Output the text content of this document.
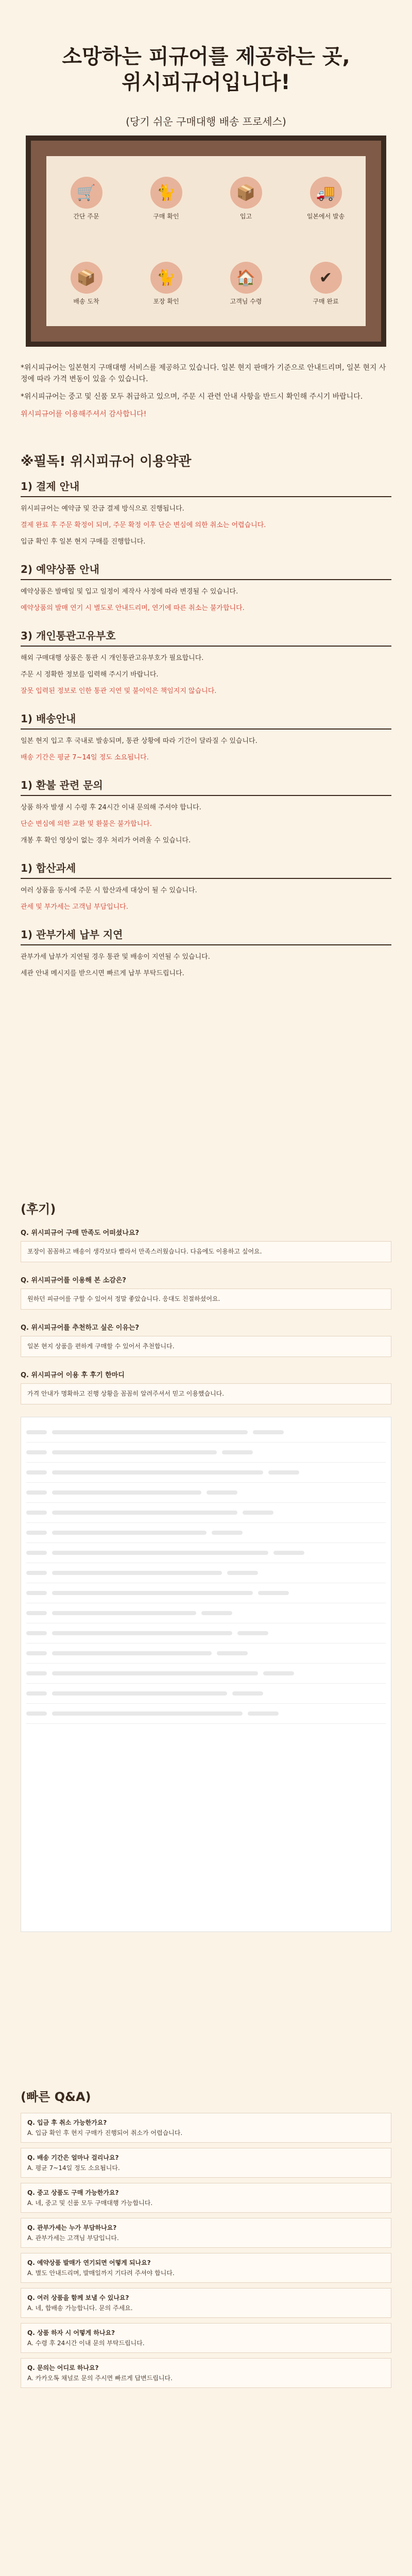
소망하는 피규어를 제공하는 곳,
위시피규어입니다!
(당기 쉬운 구매대행 배송 프로세스)
🛒
간단 주문
🐈
구매 확인
📦
입고
🚚
일본에서 발송
📦
배송 도착
🐈
포장 확인
🏠
고객님 수령
✔
구매 완료

*위시피규어는 일본현지 구매대행 서비스를 제공하고 있습니다. 일본 현지 판매가 기준으로 안내드리며, 일본 현지 사정에 따라 가격 변동이 있을 수 있습니다.

*위시피규어는 중고 및 신품 모두 취급하고 있으며, 주문 시 관련 안내 사항을 반드시 확인해 주시기 바랍니다.

위시피규어를 이용해주셔서 감사합니다!

※필독! 위시피규어 이용약관
1) 결제 안내

위시피규어는 예약금 및 잔금 결제 방식으로 진행됩니다.

결제 완료 후 주문 확정이 되며, 주문 확정 이후 단순 변심에 의한 취소는 어렵습니다.

입금 확인 후 일본 현지 구매를 진행합니다.

2) 예약상품 안내

예약상품은 발매일 및 입고 일정이 제작사 사정에 따라 변경될 수 있습니다.

예약상품의 발매 연기 시 별도로 안내드리며, 연기에 따른 취소는 불가합니다.

3) 개인통관고유부호

해외 구매대행 상품은 통관 시 개인통관고유부호가 필요합니다.

주문 시 정확한 정보를 입력해 주시기 바랍니다.

잘못 입력된 정보로 인한 통관 지연 및 불이익은 책임지지 않습니다.

1) 배송안내

일본 현지 입고 후 국내로 발송되며, 통관 상황에 따라 기간이 달라질 수 있습니다.

배송 기간은 평균 7~14일 정도 소요됩니다.

1) 환불 관련 문의

상품 하자 발생 시 수령 후 24시간 이내 문의해 주셔야 합니다.

단순 변심에 의한 교환 및 환불은 불가합니다.

개봉 후 확인 영상이 없는 경우 처리가 어려울 수 있습니다.

1) 합산과세

여러 상품을 동시에 주문 시 합산과세 대상이 될 수 있습니다.

관세 및 부가세는 고객님 부담입니다.

1) 관부가세 납부 지연

관부가세 납부가 지연될 경우 통관 및 배송이 지연될 수 있습니다.

세관 안내 메시지를 받으시면 빠르게 납부 부탁드립니다.

(후기)
Q. 위시피규어 구매 만족도 어떠셨나요?
포장이 꼼꼼하고 배송이 생각보다 빨라서 만족스러웠습니다. 다음에도 이용하고 싶어요.
Q. 위시피규어를 이용해 본 소감은?
원하던 피규어를 구할 수 있어서 정말 좋았습니다. 응대도 친절하셨어요.
Q. 위시피규어를 추천하고 싶은 이유는?
일본 현지 상품을 편하게 구매할 수 있어서 추천합니다.
Q. 위시피규어 이용 후 후기 한마디
가격 안내가 명확하고 진행 상황을 꼼꼼히 알려주셔서 믿고 이용했습니다.
(빠른 Q&A)
Q. 입금 후 취소 가능한가요?
A. 입금 확인 후 현지 구매가 진행되어 취소가 어렵습니다.
Q. 배송 기간은 얼마나 걸리나요?
A. 평균 7~14일 정도 소요됩니다.
Q. 중고 상품도 구매 가능한가요?
A. 네, 중고 및 신품 모두 구매대행 가능합니다.
Q. 관부가세는 누가 부담하나요?
A. 관부가세는 고객님 부담입니다.
Q. 예약상품 발매가 연기되면 어떻게 되나요?
A. 별도 안내드리며, 발매일까지 기다려 주셔야 합니다.
Q. 여러 상품을 함께 보낼 수 있나요?
A. 네, 합배송 가능합니다. 문의 주세요.
Q. 상품 하자 시 어떻게 하나요?
A. 수령 후 24시간 이내 문의 부탁드립니다.
Q. 문의는 어디로 하나요?
A. 카카오톡 채널로 문의 주시면 빠르게 답변드립니다.
